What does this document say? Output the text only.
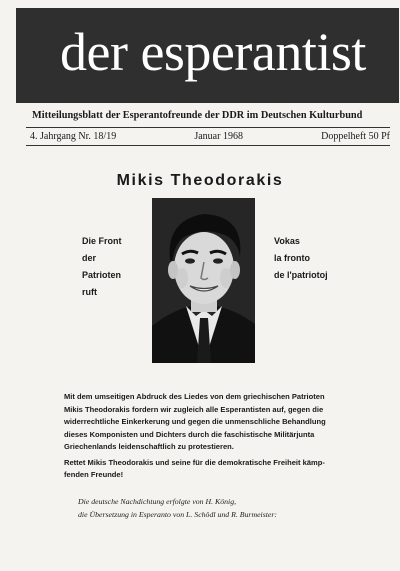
der esperantist
Mitteilungsblatt der Esperantofreunde der DDR im Deutschen Kulturbund
4. Jahrgang Nr. 18/19	Januar 1968	Doppelheft 50 Pf
Mikis Theodorakis
Die Front
der
Patrioten
ruft
Vokas
la fronto
de l'patriotoj
Mit dem umseitigen Abdruck des Liedes von dem griechischen Patrioten
Mikis Theodorakis fordern wir zugleich alle Esperantisten auf, gegen die
widerrechtliche Einkerkerung und gegen die unmenschliche Behandlung
dieses Komponisten und Dichters durch die faschistische Militärjunta
Griechenlands leidenschaftlich zu protestieren.
Rettet Mikis Theodorakis und seine für die demokratische Freiheit kämp-
fenden Freunde!
Die deutsche Nachdichtung erfolgte von H. König,
die Übersetzung in Esperanto von L. Schödl und R. Burmeister:
